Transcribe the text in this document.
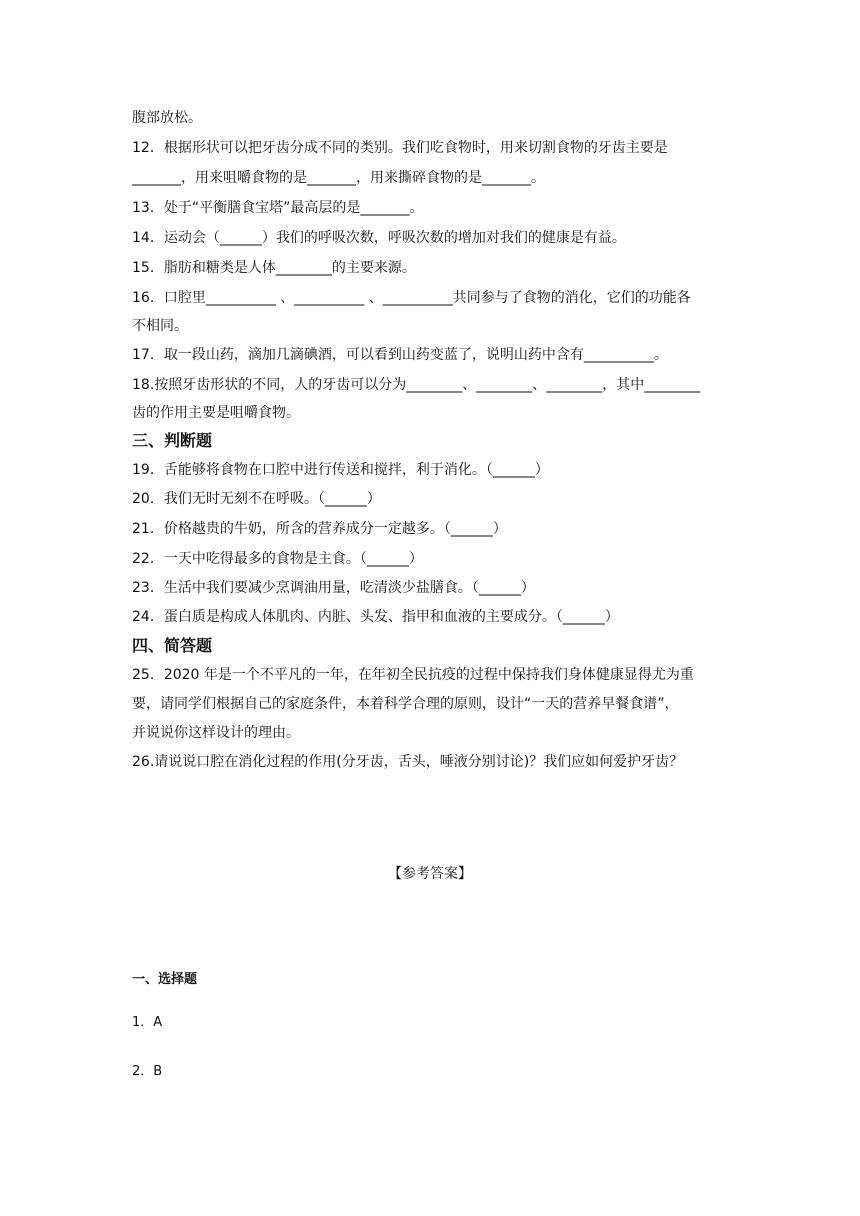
腹部放松。
12．根据形状可以把牙齿分成不同的类别。我们吃食物时，用来切割食物的牙齿主要是
_______，用来咀嚼食物的是_______，用来撕碎食物的是_______。
13．处于“平衡膳食宝塔”最高层的是_______。
14．运动会（______）我们的呼吸次数，呼吸次数的增加对我们的健康是有益。
15．脂肪和糖类是人体________的主要来源。
16．口腔里__________ 、__________ 、__________共同参与了食物的消化，它们的功能各
不相同。
17．取一段山药，滴加几滴碘酒，可以看到山药变蓝了，说明山药中含有__________。
18.按照牙齿形状的不同，人的牙齿可以分为________、________、________，其中________
齿的作用主要是咀嚼食物。
三、判断题
19．舌能够将食物在口腔中进行传送和搅拌，利于消化。（______）
20．我们无时无刻不在呼吸。（______）
21．价格越贵的牛奶，所含的营养成分一定越多。（______）
22．一天中吃得最多的食物是主食。（______）
23．生活中我们要减少烹调油用量，吃清淡少盐膳食。（______）
24．蛋白质是构成人体肌肉、内脏、头发、指甲和血液的主要成分。（______）
四、简答题
25．2020 年是一个不平凡的一年，在年初全民抗疫的过程中保持我们身体健康显得尤为重
要，请同学们根据自己的家庭条件，本着科学合理的原则，设计“一天的营养早餐食谱”，
并说说你这样设计的理由。
26.请说说口腔在消化过程的作用(分牙齿，舌头，唾液分别讨论)？我们应如何爱护牙齿？
【参考答案】
一、选择题
1．A
2．B
